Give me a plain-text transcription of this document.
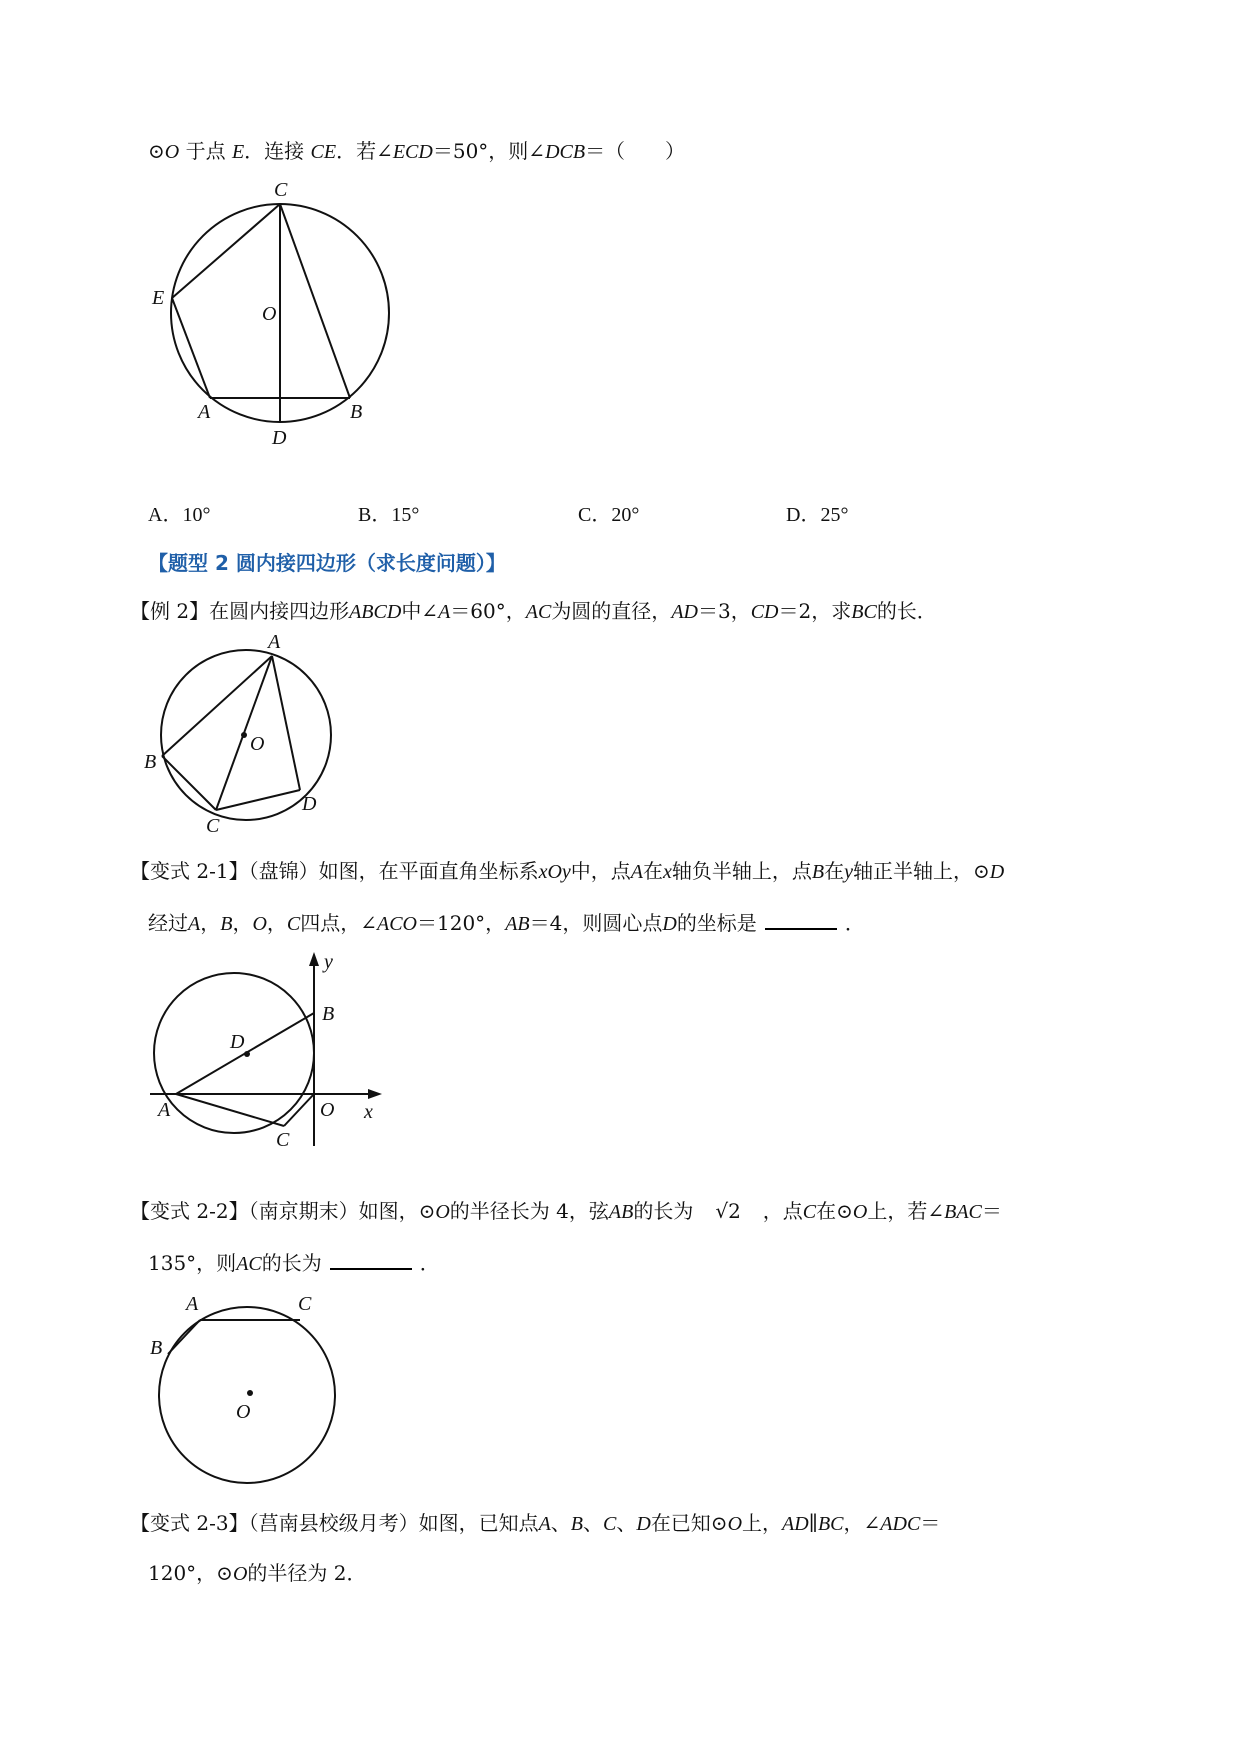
⊙O 于点 E．连接 CE．若∠ECD＝50°，则∠DCB＝（　　）
C
E
O
A	B
D
A．10°	B．15°	C．20°	D．25°
【题型 2 圆内接四边形（求长度问题）】
【例 2】在圆内接四边形ABCD中∠A＝60°，AC为圆的直径，AD＝3，CD＝2，求BC的长．
A
B
C
D
O
【变式 2-1】（盘锦）如图，在平面直角坐标系xOy中，点A在x轴负半轴上，点B在y轴正半轴上，⊙D
经过A，B，O，C四点，∠ACO＝120°，AB＝4，则圆心点D的坐标是	．
y
B
D
A	O x
C
【变式 2-2】（南京期末）如图，⊙O的半径长为 4，弦AB的长为 √2 ，点C在⊙O上，若∠BAC＝
135°，则AC的长为	．
A	C
B
O
【变式 2-3】（莒南县校级月考）如图，已知点A、B、C、D在已知⊙O上，AD∥BC，∠ADC＝
120°，⊙O的半径为 2．
